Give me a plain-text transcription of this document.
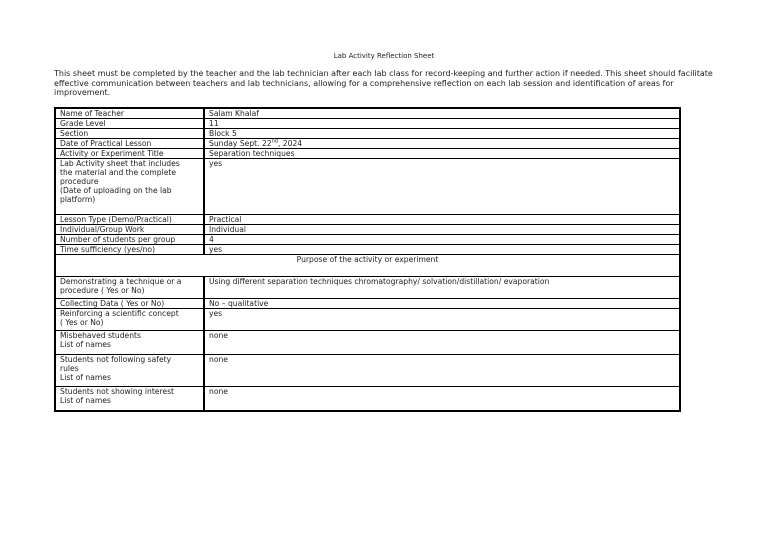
Lab Activity Reflection Sheet
This sheet must be completed by the teacher and the lab technician after each lab class for record-keeping and further action if needed. This sheet should facilitate effective communication between teachers and lab technicians, allowing for a comprehensive reflection on each lab session and identification of areas for improvement.
Name of Teacher	Salam Khalaf
Grade Level	11
Section	Block 5
Date of Practical Lesson	Sunday Sept. 22nd, 2024
Activity or Experiment Title	Separation techniques

Lab Activity sheet that includes
the material and the complete
procedure
(Date of uploading on the lab
platform)	yes
Lesson Type (Demo/Practical)	Practical
Individual/Group Work	Individual
Number of students per group	4
Time sufficiency (yes/no)	yes
Purpose of the activity or experiment	

Demonstrating a technique or a
procedure ( Yes or No)	Using different separation techniques chromatography/ solvation/distillation/ evaporation

Collecting Data ( Yes or No)	No – qualitative

Reinforcing a scientific concept
( Yes or No)	yes

Misbehaved students
List of names	none

Students not following safety
rules
List of names	none

Students not showing interest
List of names	none
